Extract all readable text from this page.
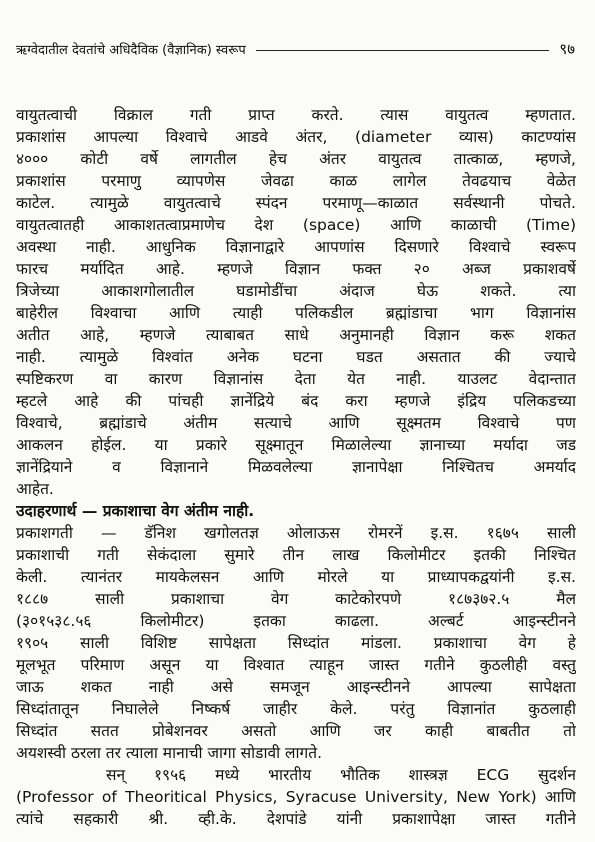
ऋग्वेदातील देवतांचे अधिदैविक (वैज्ञानिक) स्वरूप	९७
वायुतत्वाची विक्राल गती प्राप्त करते. त्यास वायुतत्व म्हणतात.
प्रकाशांस आपल्या विश्वाचे आडवे अंतर, (diameter व्यास) काटण्यांस
४००० कोटी वर्षे लागतील हेच अंतर वायुतत्व तात्काळ, म्हणजे,
प्रकाशांस परमाणु व्यापणेस जेवढा काळ लागेल तेवढयाच वेळेत
काटेल. त्यामुळे वायुतत्वाचे स्पंदन परमाणू—काळात सर्वस्थानी पोचते.
वायुतत्वातही आकाशतत्वाप्रमाणेच देश (space) आणि काळाची (Time)
अवस्था नाही. आधुनिक विज्ञानाद्वारे आपणांस दिसणारे विश्वाचे स्वरूप
फारच मर्यादित आहे. म्हणजे विज्ञान फक्त २० अब्ज प्रकाशवर्षे
त्रिजेच्या आकाशगोलातील घडामोडींचा अंदाज घेऊ शकते. त्या
बाहेरील विश्वाचा आणि त्याही पलिकडील ब्रह्मांडाचा भाग विज्ञानांस
अतीत आहे, म्हणजे त्याबाबत साधे अनुमानही विज्ञान करू शकत
नाही. त्यामुळे विश्वांत अनेक घटना घडत असतात की ज्याचे
स्पष्टिकरण वा कारण विज्ञानांस देता येत नाही. याउलट वेदान्तात
म्हटले आहे की पांचही ज्ञानेंद्रिये बंद करा म्हणजे इंद्रिय पलिकडच्या
विश्वाचे, ब्रह्मांडाचे अंतीम सत्याचे आणि सूक्ष्मतम विश्वाचे पण
आकलन होईल. या प्रकारे सूक्ष्मातून मिळालेल्या ज्ञानाच्या मर्यादा जड
ज्ञानेंद्रियाने व विज्ञानाने मिळवलेल्या ज्ञानापेक्षा निश्चितच अमर्याद
आहेत.
उदाहरणार्थ — प्रकाशाचा वेग अंतीम नाही.
प्रकाशगती — डॅनिश खगोलतज्ञ ओलाऊस रोमरनें इ.स. १६७५ साली
प्रकाशाची गती सेकंदाला सुमारे तीन लाख किलोमीटर इतकी निश्चित
केली. त्यानंतर मायकेलसन आणि मोरले या प्राध्यापकद्वयांनी इ.स.
१८८७ साली प्रकाशाचा वेग काटेकोरपणे १८७३७२.५ मैल
(३०१५३८.५६ किलोमीटर) इतका काढला. अल्बर्ट आइन्स्टीनने
१९०५ साली विशिष्ट सापेक्षता सिध्दांत मांडला. प्रकाशाचा वेग हे
मूलभूत परिमाण असून या विश्वात त्याहून जास्त गतीने कुठलीही वस्तु
जाऊ शकत नाही असे समजून आइन्स्टीनने आपल्या सापेक्षता
सिध्दांतातून निघालेले निष्कर्ष जाहीर केले. परंतु विज्ञानांत कुठलाही
सिध्दांत सतत प्रोबेशनवर असतो आणि जर काही बाबतीत तो
अयशस्वी ठरला तर त्याला मानाची जागा सोडावी लागते.
सन् १९५६ मध्ये भारतीय भौतिक शास्त्रज्ञ ECG सुदर्शन
(Professor of Theoritical Physics, Syracuse University, New York) आणि
त्यांचे सहकारी श्री. व्ही.के. देशपांडे यांनी प्रकाशापेक्षा जास्त गतीने
